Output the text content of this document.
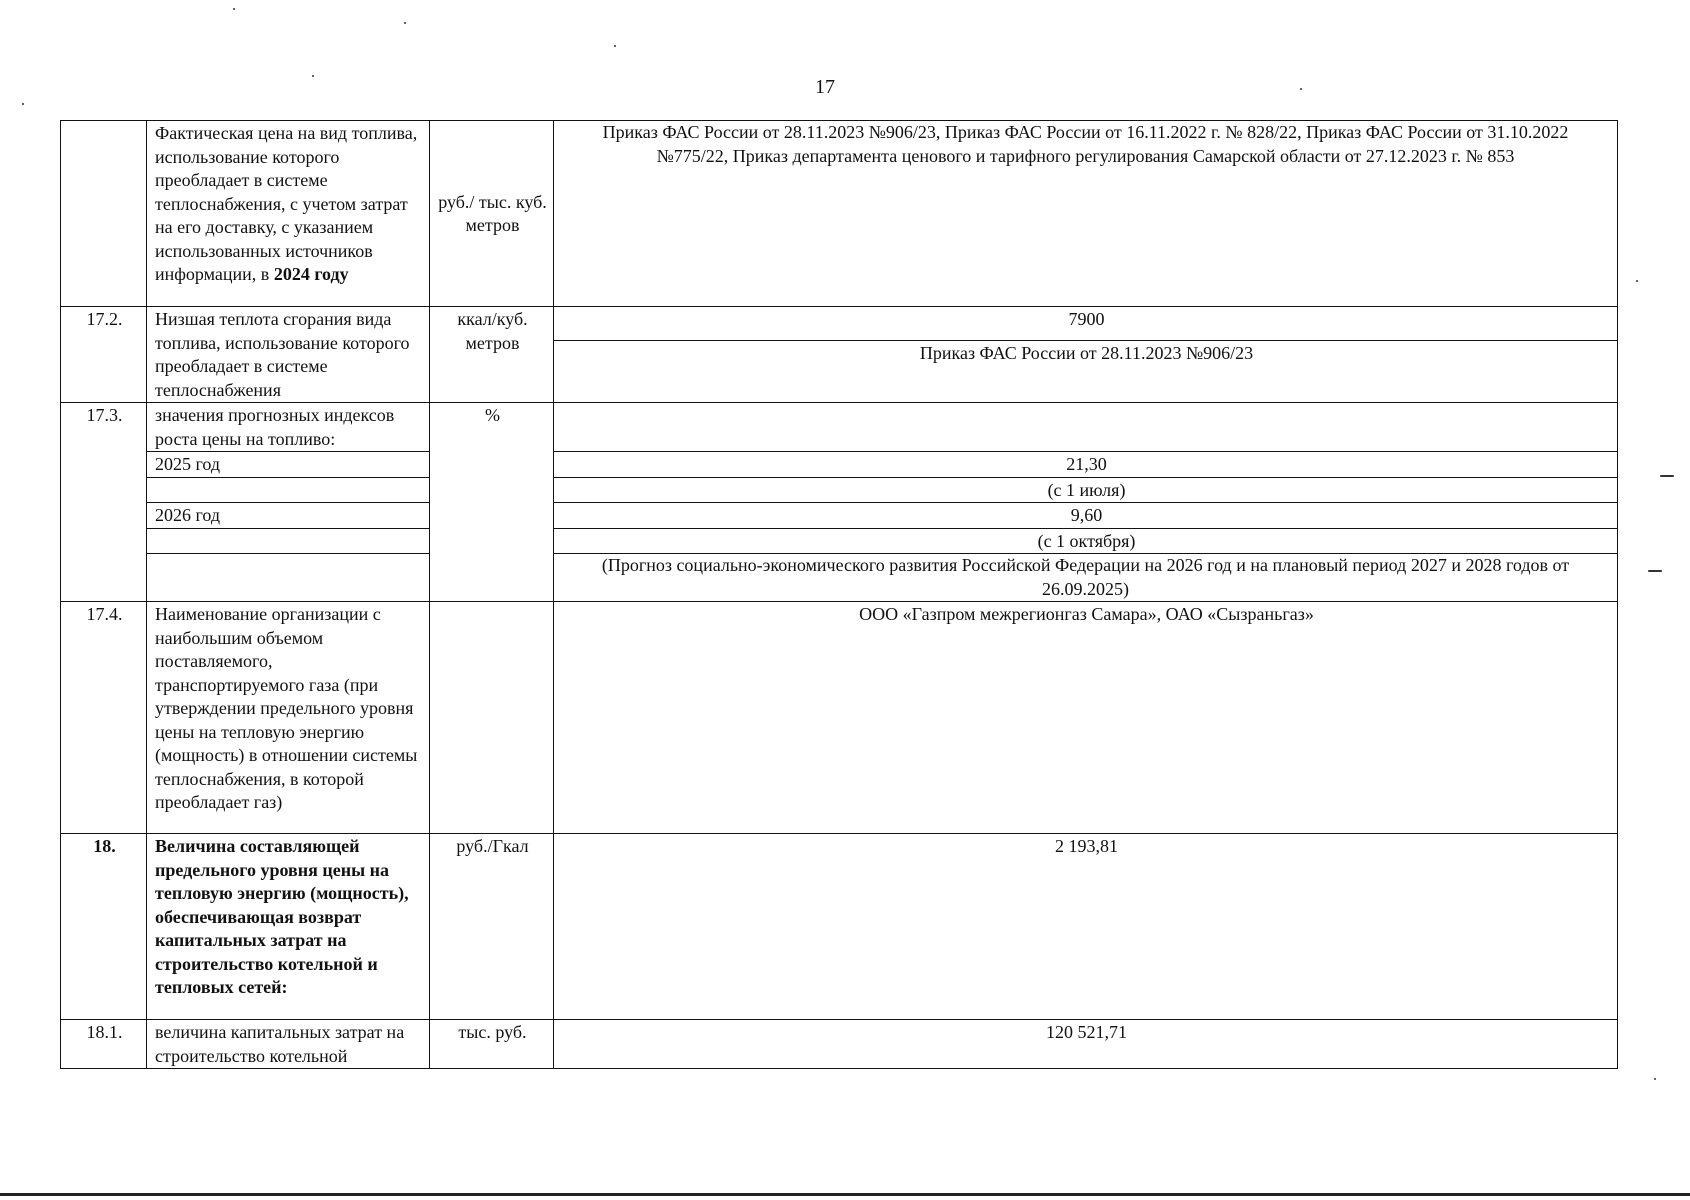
17
	Фактическая цена на вид топлива, использование которого преобладает в системе теплоснабжения, с учетом затрат на его доставку, с указанием использованных источников информации, в 2024 году	руб./ тыс. куб. метров	Приказ ФАС России от 28.11.2023 №906/23, Приказ ФАС России от 16.11.2022 г. № 828/22, Приказ ФАС России от 31.10.2022 №775/22, Приказ департамента ценового и тарифного регулирования Самарской области от 27.12.2023 г. № 853
17.2.	Низшая теплота сгорания вида топлива, использование которого преобладает в системе теплоснабжения	ккал/куб. метров	7900
			Приказ ФАС России от 28.11.2023 №906/23
17.3.	значения прогнозных индексов роста цены на топливо:	%	
	2025 год		21,30
			(с 1 июля)
	2026 год		9,60
			(с 1 октября)
			(Прогноз социально-экономического развития Российской Федерации на 2026 год и на плановый период 2027 и 2028 годов от 26.09.2025)
17.4.	Наименование организации с наибольшим объемом поставляемого, транспортируемого газа (при утверждении предельного уровня цены на тепловую энергию (мощность) в отношении системы теплоснабжения, в которой преобладает газ)		ООО «Газпром межрегионгаз Самара», ОАО «Сызраньгаз»
18.	Величина составляющей предельного уровня цены на тепловую энергию (мощность), обеспечивающая возврат капитальных затрат на строительство котельной и тепловых сетей:	руб./Гкал	2 193,81
18.1.	величина капитальных затрат на строительство котельной	тыс. руб.	120 521,71
